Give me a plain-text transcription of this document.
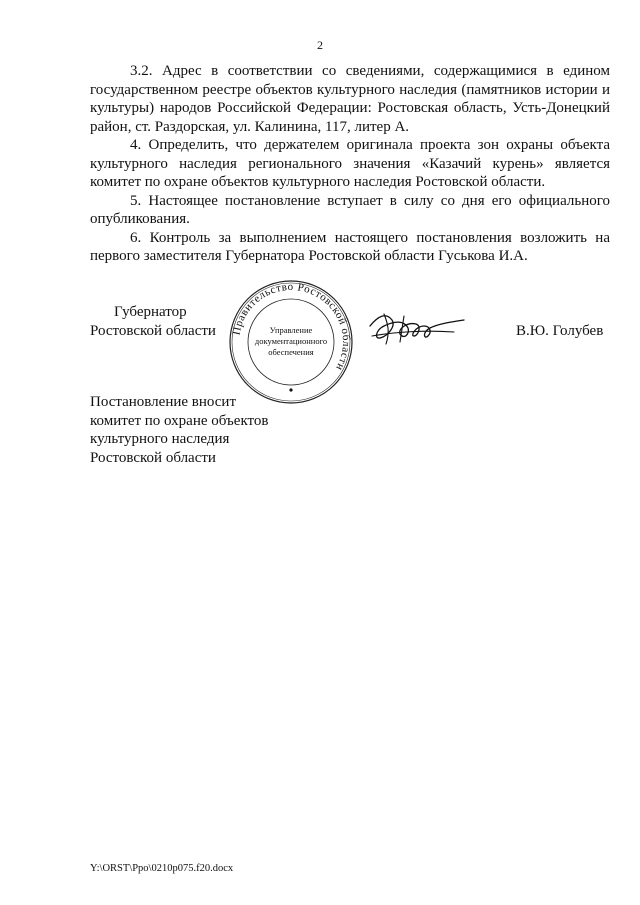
2

3.2. Адрес в соответствии со сведениями, содержащимися в едином государственном реестре объектов культурного наследия (памятников истории и культуры) народов Российской Федерации: Ростовская область, Усть-Донецкий район, ст. Раздорская, ул. Калинина, 117, литер А.

4. Определить, что держателем оригинала проекта зон охраны объекта культурного наследия регионального значения «Казачий курень» является комитет по охране объектов культурного наследия Ростовской области.

5. Настоящее постановление вступает в силу со дня его официального опубликования.

6. Контроль за выполнением настоящего постановления возложить на первого заместителя Губернатора Ростовской области Гуськова И.А.

Губернатор
Ростовской области Правительство Ростовской области
Управление
документационного
обеспечения
В.Ю. Голубев
Постановление вносит
комитет по охране объектов
культурного наследия
Ростовской области
Y:\ORST\Ppo\0210p075.f20.docx
